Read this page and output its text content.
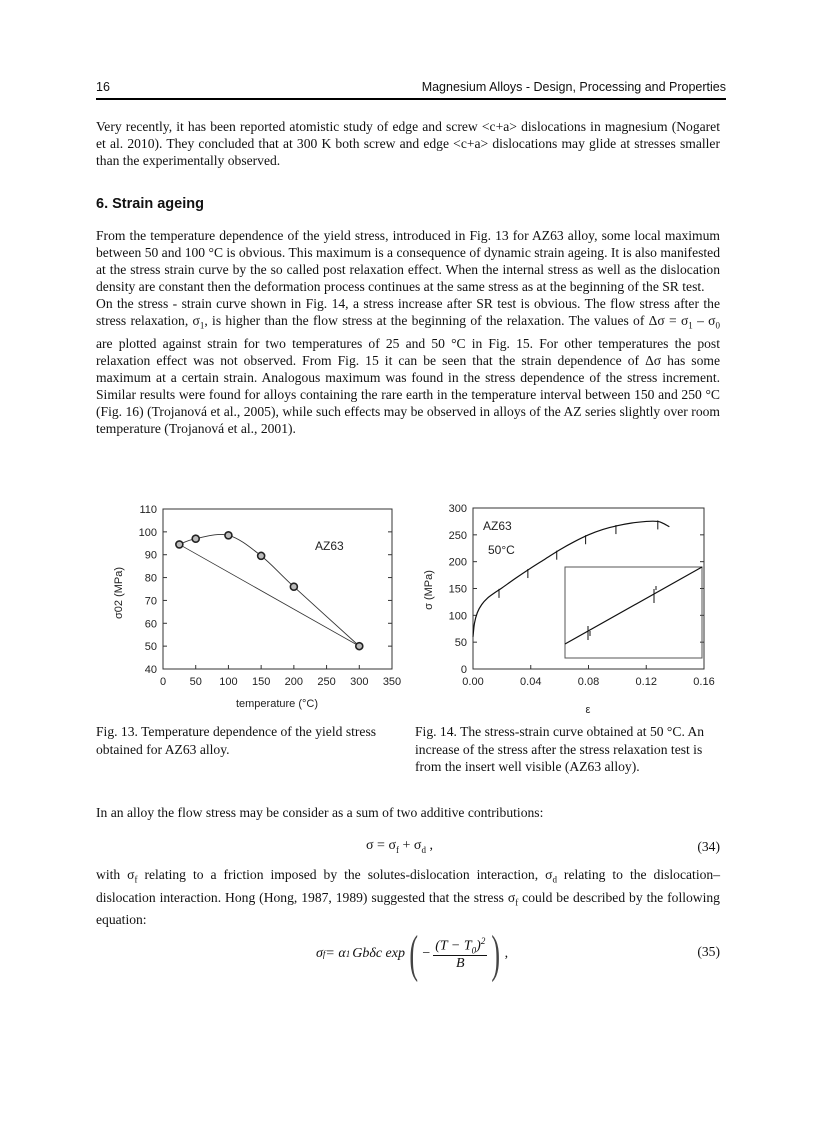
16	Magnesium Alloys - Design, Processing and Properties
Very recently, it has been reported atomistic study of edge and screw <c+a> dislocations in magnesium (Nogaret et al. 2010). They concluded that at 300 K both screw and edge <c+a> dislocations may glide at stresses smaller than the experimentally observed.
6. Strain ageing
From the temperature dependence of the yield stress, introduced in Fig. 13 for AZ63 alloy, some local maximum between 50 and 100 °C is obvious. This maximum is a consequence of dynamic strain ageing. It is also manifested at the stress strain curve by the so called post relaxation effect. When the internal stress as well as the dislocation density are constant then the deformation process continues at the same stress as at the beginning of the SR test.
On the stress - strain curve shown in Fig. 14, a stress increase after SR test is obvious. The flow stress after the stress relaxation, $\sigma_1$, is higher than the flow stress at the beginning of the relaxation. The values of $\Delta\sigma = \sigma_1 - \sigma_0$ are plotted against strain for two temperatures of 25 and 50 °C in Fig. 15. For other temperatures the post relaxation effect was not observed. From Fig. 15 it can be seen that the strain dependence of Δσ has some maximum at a certain strain. Analogous maximum was found in the stress dependence of the stress increment. Similar results were found for alloys containing the rare earth in the temperature interval between 150 and 250 °C (Fig. 16) (Trojanová et al., 2005), while such effects may be observed in alloys of the AZ series slightly over room temperature (Trojanová et al., 2001).
σ02 (MPa)
0 50 100 150 200 250 300 350
40
50
60
70
80
90
100
110
AZ63
temperature (°C)
0.00	0.04	0.08	0.12	0.16
0
50
100
150
200
250
300
AZ63
50°C
ε
σ (MPa)
Fig. 13. Temperature dependence of the yield stress obtained for AZ63 alloy.
Fig. 14. The stress-strain curve obtained at 50 °C. An increase of the stress after the stress relaxation test is from the insert well visible (AZ63 alloy).
In an alloy the flow stress may be consider as a sum of two additive contributions:
$\sigma = \sigma_f + \sigma_d$ ,	(34)
with $\sigma_f$ relating to a friction imposed by the solutes-dislocation interaction, $\sigma_d$ relating to the dislocation–dislocation interaction. Hong (Hong, 1987, 1989) suggested that the stress $\sigma_f$ could be described by the following equation:
σ f = α 1 Gbδc exp ( − $\frac{(T - T_0)^2}{B}$ ) ,	(35)
